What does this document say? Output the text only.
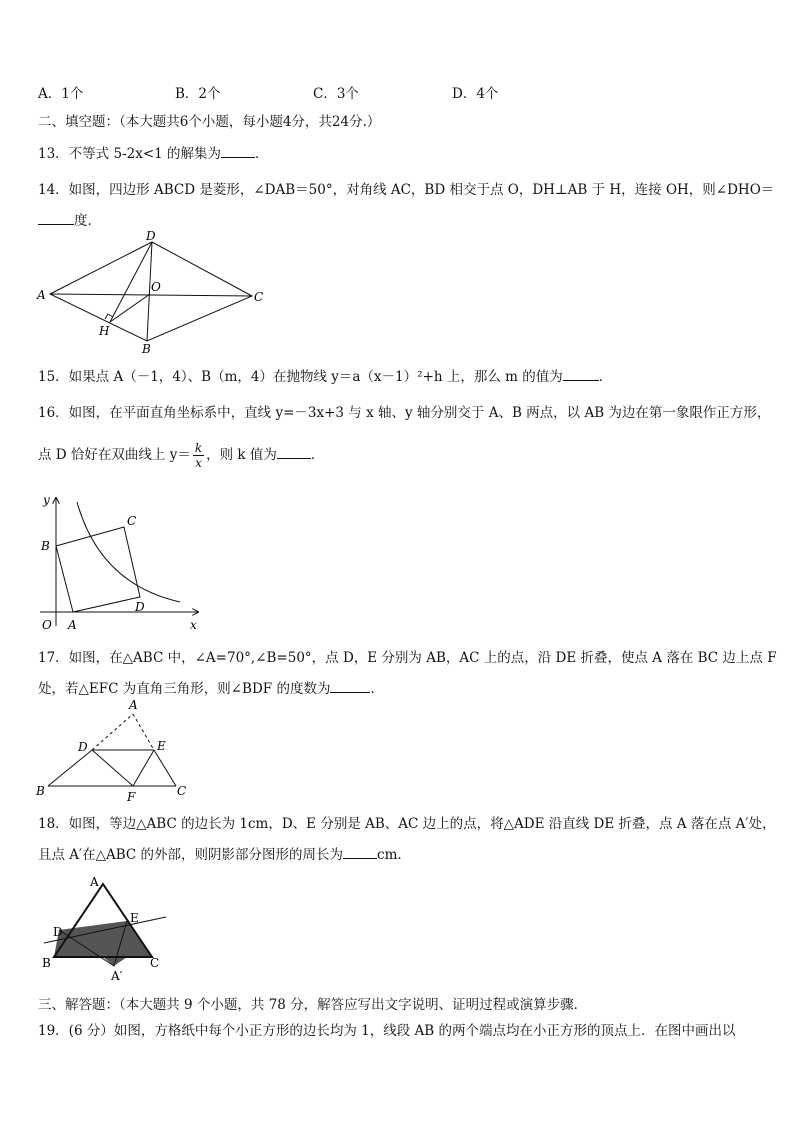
A．1个	B．2个	C．3个	D．4个
二、填空题：（本大题共6个小题，每小题4分，共24分.）
13．不等式 5-2x<1 的解集为	．
14．如图，四边形 ABCD 是菱形，∠DAB＝50°，对角线 AC，BD 相交于点 O，DH⊥AB 于 H，连接 OH，则∠DHO＝
度．
A
D
C
B
O
H
15．如果点 A（－1，4）、B（m，4）在抛物线 y＝a（x－1）²+h 上，那么 m 的值为	．
16．如图，在平面直角坐标系中，直线 y=－3x+3 与 x 轴、y 轴分别交于 A、B 两点，以 AB 为边在第一象限作正方形，
点 D 恰好在双曲线上 $y= \frac{k}{x}$ ，则 k 值为	．
y
x
O A
B
C
D
17．如图，在△ABC 中，∠A=70°,∠B=50°，点 D，E 分别为 AB，AC 上的点，沿 DE 折叠，使点 A 落在 BC 边上点 F
处，若△EFC 为直角三角形，则∠BDF 的度数为	．
A
D	E
B	F	C
18．如图，等边△ABC 的边长为 1cm，D、E 分别是 AB、AC 边上的点，将△ADE 沿直线 DE 折叠，点 A 落在点 A′处，
且点 A′在△ABC 的外部，则阴影部分图形的周长为	cm.
A
D
E
B	C
A′
三、解答题：（本大题共 9 个小题，共 78 分，解答应写出文字说明、证明过程或演算步骤．
19．(6 分）如图，方格纸中每个小正方形的边长均为 1，线段 AB 的两个端点均在小正方形的顶点上．在图中画出以
